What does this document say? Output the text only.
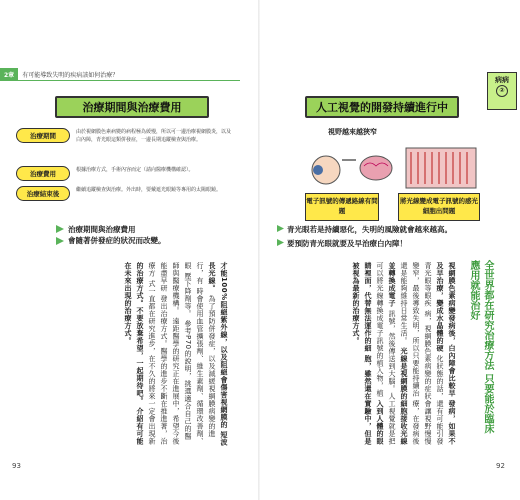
2章	有可能導致失明的疾病該如何治療？
治療期間與治療費用
治療期間	由於視網膜色素病變的病程極為緩慢，所以可一邊治療視網膜炎，以及白內障，青光眼這類併發症，一邊長期追蹤檢查與治療。
治療費用	根據治療方式，手術內容而定（請向醫療機構確認）。
治療結束後	繼續追蹤檢查與治療。外出時，要戴遮光眼鏡等專用的太陽眼鏡。
治療期間與治療費用
會隨著併發症的狀況而改變。
才能100%阻絕紫外線，以及阻絕會傷害視網膜的 短波長光線。 為了預防併發症，以及減緩視網膜病變的進行，有 時會使用血管擴張劑、維生素劑、循環改善劑、眼 壓下降劑等。 參考P70的說明，挑選適合自己的醫師與醫療機構。 遠距醫學的研究正在進展中，希望今後能盡早研 發出治療方式。醫學的進步不斷在推進著，治療方 式一直都在研究進步，在不久的將來一定會出現新 的治療方式。不要放棄希望，一起期待吧。 介紹有可能在未來出現的治療方式。
93
病病
②
人工視覺的開發持續進行中
視野越來越狹窄
電子訊號的傳遞路線有問題
將光線變成電子訊號的感光細胞出問題
青光眼若是持續惡化，失明的風險就會越來越高。
要預防青光眼就要及早治療白內障！
全世界都在研究治療方法 只要能於臨床應用就能治好
視網膜色素病變發病後，白內障會比較早 發病，如果不及早治療，變成水晶體的硬 化狀態的話，還有可能引發青光眼等眼疾 病，視網膜色素病變的症狀會讓視野慢慢 變窄，最後導致失明，所以只要能持續治 療，在發病後還是能夠維持日常生活。 光線是視網膜的細胞接收光線並轉換成電子 訊號，然後傳送到大腦。人工視覺就是把 可以將光線轉換成電子訊號的植入物，植 入到人體的眼睛裡面，代替無法運作的細 胞，雖然還在實驗中，但是被視為最新的治療方式。
92
